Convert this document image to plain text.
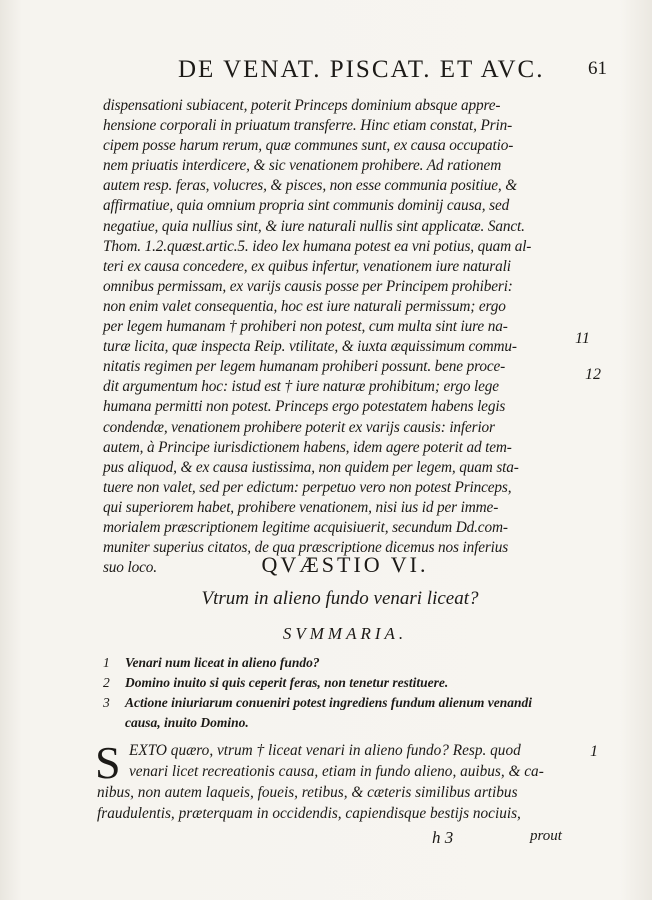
DE VENAT. PISCAT. ET AVC.	61
dispensationi subiacent, poterit Princeps dominium absque appre-
hensione corporali in priuatum transferre. Hinc etiam constat, Prin-
cipem posse harum rerum, quæ communes sunt, ex causa occupatio-
nem priuatis interdicere, & sic venationem prohibere. Ad rationem
autem resp. feras, volucres, & pisces, non esse communia positiue, &
affirmatiue, quia omnium propria sint communis dominij causa, sed
negatiue, quia nullius sint, & iure naturali nullis sint applicatæ. Sanct.
Thom. 1.2.quæst.artic.5. ideo lex humana potest ea vni potius, quam al-
teri ex causa concedere, ex quibus infertur, venationem iure naturali
omnibus permissam, ex varijs causis posse per Principem prohiberi:
non enim valet consequentia, hoc est iure naturali permissum; ergo
per legem humanam † prohiberi non potest, cum multa sint iure na-
turæ licita, quæ inspecta Reip. vtilitate, & iuxta æquissimum commu-
nitatis regimen per legem humanam prohiberi possunt. bene proce-
dit argumentum hoc: istud est † iure naturæ prohibitum; ergo lege
humana permitti non potest. Princeps ergo potestatem habens legis
condendæ, venationem prohibere poterit ex varijs causis: inferior
autem, à Principe iurisdictionem habens, idem agere poterit ad tem-
pus aliquod, & ex causa iustissima, non quidem per legem, quam sta-
tuere non valet, sed per edictum: perpetuo vero non potest Princeps,
qui superiorem habet, prohibere venationem, nisi ius id per imme-
morialem præscriptionem legitime acquisiuerit, secundum Dd.com-
muniter superius citatos, de qua præscriptione dicemus nos inferius
suo loco.
11
12
QVÆSTIO VI.
Vtrum in alieno fundo venari liceat?
SVMMARIA.
1	Venari num liceat in alieno fundo?
2	Domino inuito si quis ceperit feras, non tenetur restituere.
3	Actione iniuriarum conueniri potest ingrediens fundum alienum venandi
causa, inuito Domino.
S EXTO quæro, vtrum † liceat venari in alieno fundo? Resp. quod
venari licet recreationis causa, etiam in fundo alieno, auibus, & ca-
nibus, non autem laqueis, foueis, retibus, & cæteris similibus artibus
fraudulentis, præterquam in occidendis, capiendisque bestijs nociuis,
1
h 3	prout
